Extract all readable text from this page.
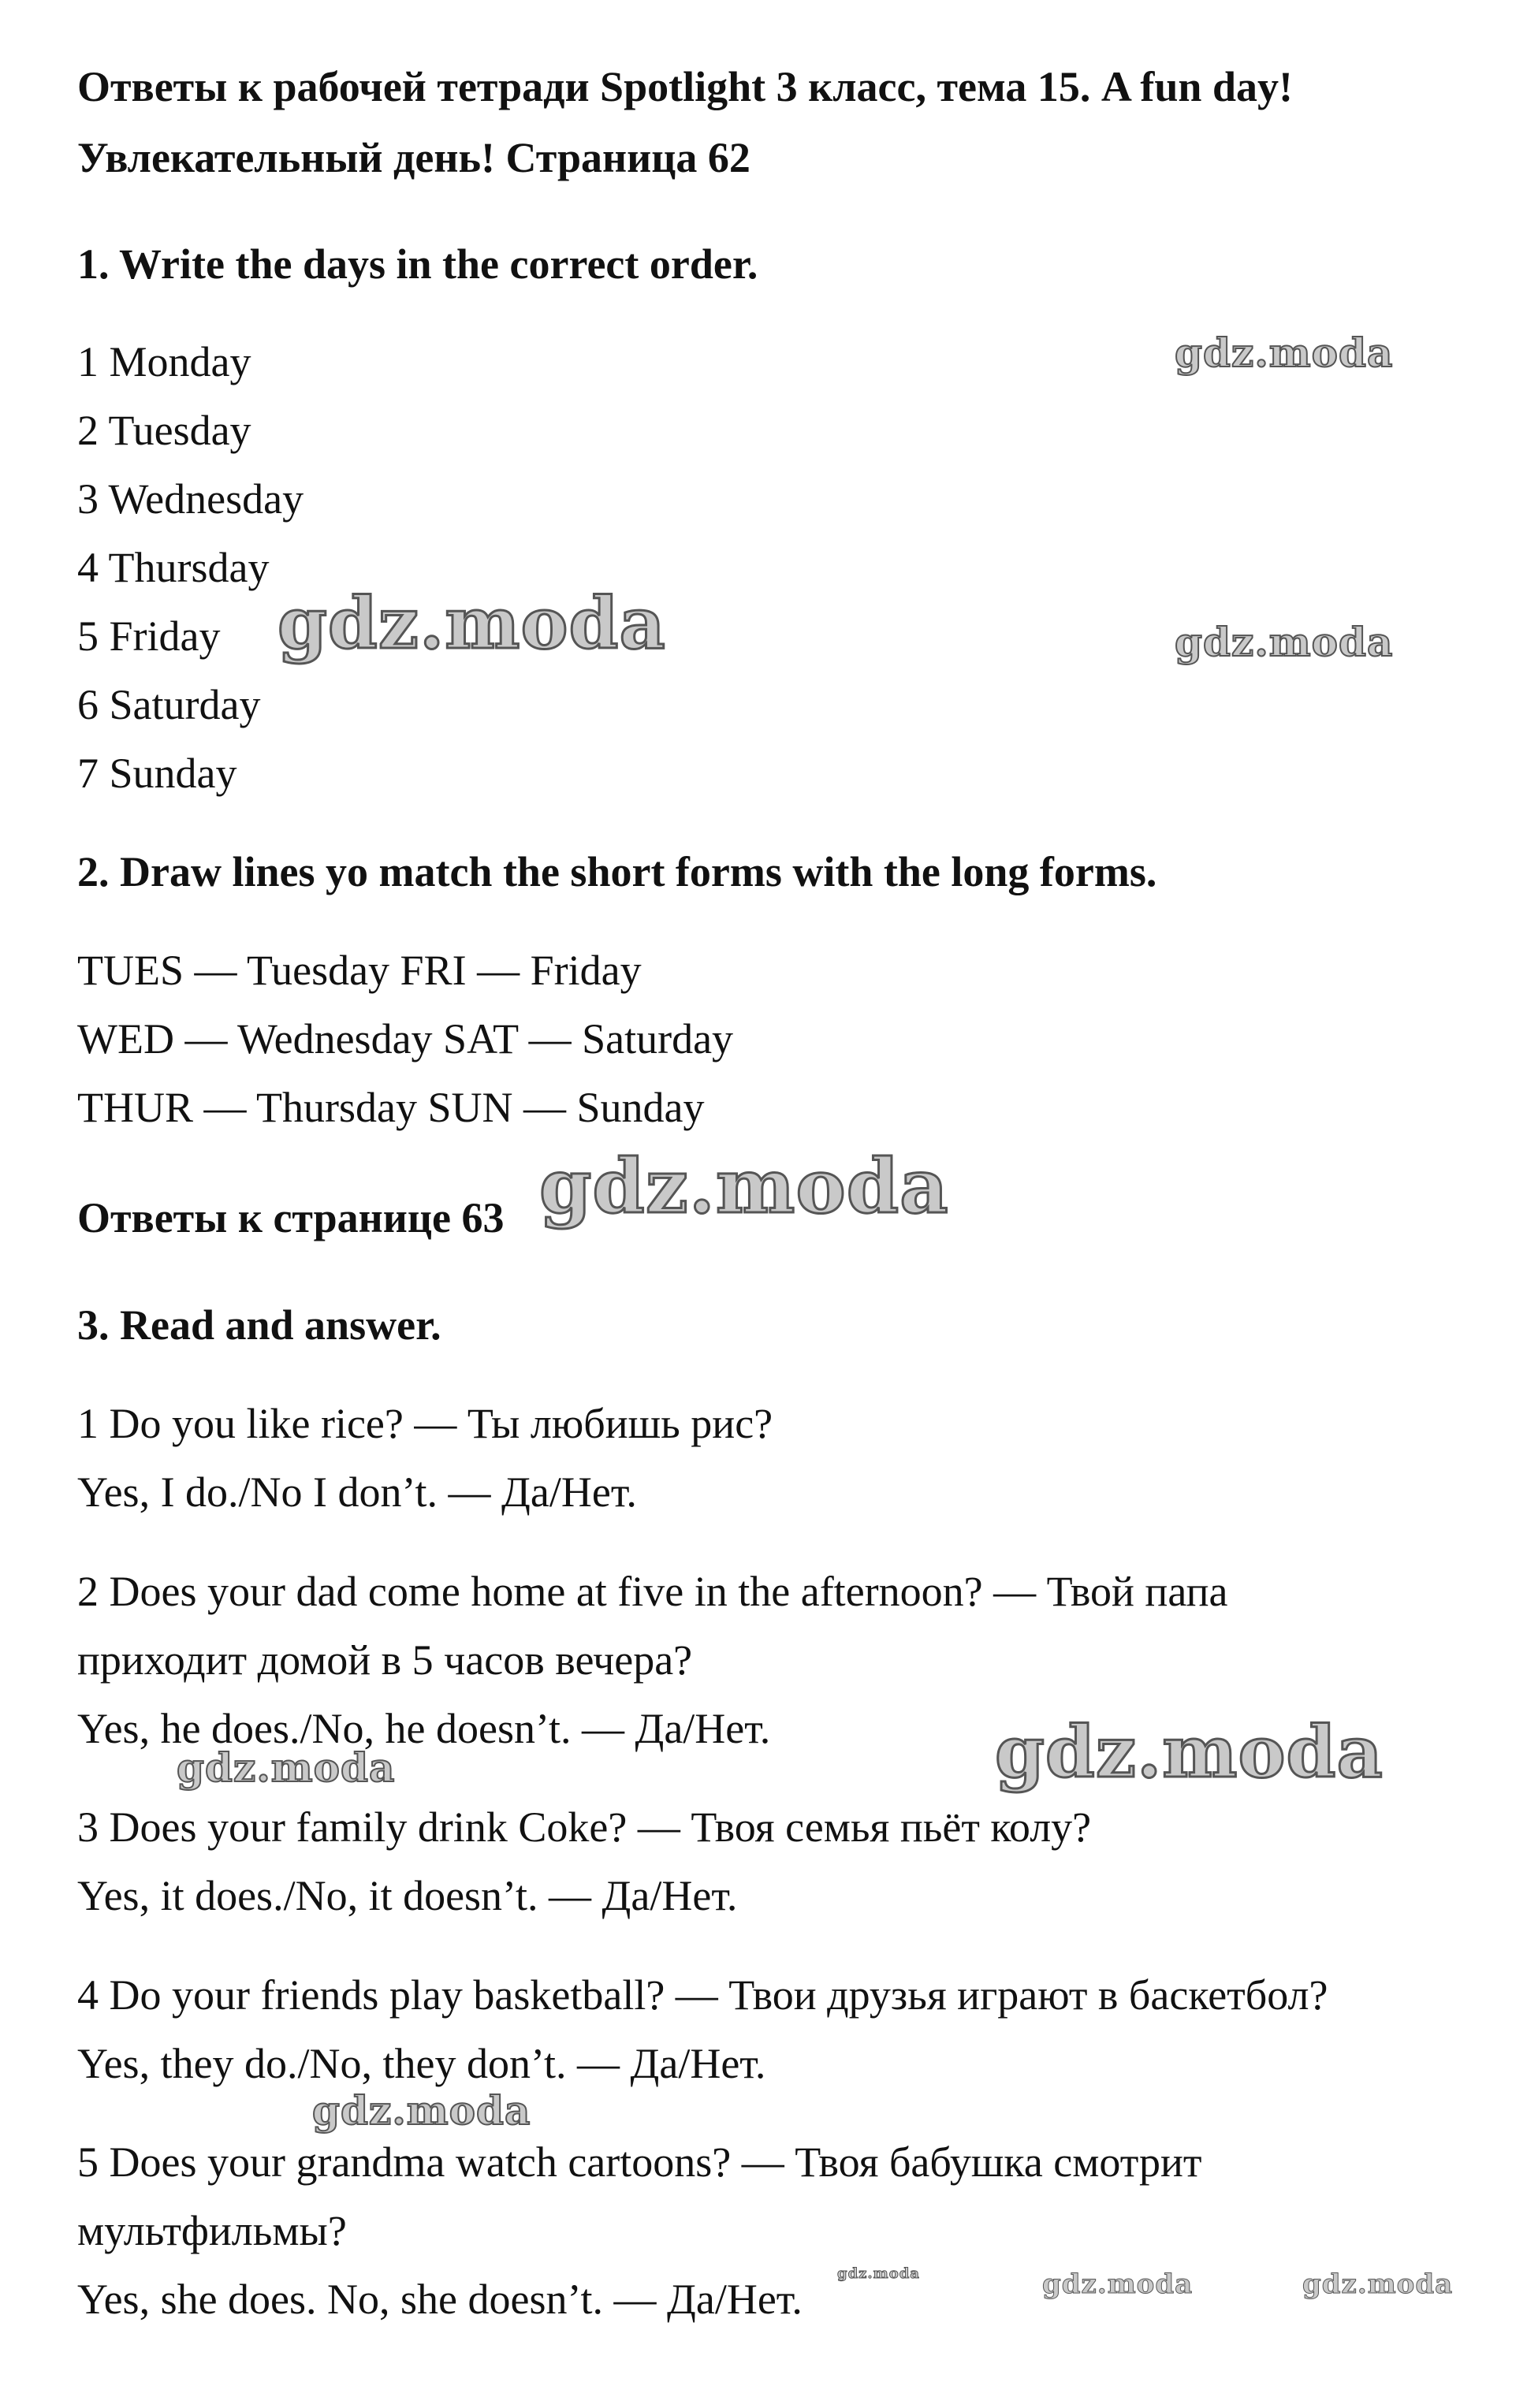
Ответы к рабочей тетради Spotlight 3 класс, тема 15. A fun day!
Увлекательный день! Страница 62
1. Write the days in the correct order.
1 Monday
2 Tuesday
3 Wednesday
4 Thursday
5 Friday
6 Saturday
7 Sunday
2. Draw lines yo match the short forms with the long forms.
TUES — Tuesday FRI — Friday
WED — Wednesday SAT — Saturday
THUR — Thursday SUN — Sunday
Ответы к странице 63
3. Read and answer.
1 Do you like rice? — Ты любишь рис?
Yes, I do./No I don’t. — Да/Нет.
2 Does your dad come home at five in the afternoon? — Твой папа
приходит домой в 5 часов вечера?
Yes, he does./No, he doesn’t. — Да/Нет.
3 Does your family drink Coke? — Твоя семья пьёт колу?
Yes, it does./No, it doesn’t. — Да/Нет.
4 Do your friends play basketball? — Твои друзья играют в баскетбол?
Yes, they do./No, they don’t. — Да/Нет.
5 Does your grandma watch cartoons? — Твоя бабушка смотрит
мультфильмы?
Yes, she does. No, she doesn’t. — Да/Нет.
gdz.moda
gdz.moda	gdz.moda
gdz.moda
gdz.moda
gdz.moda
gdz.moda
gdz.moda	gdz.moda	gdz.moda
